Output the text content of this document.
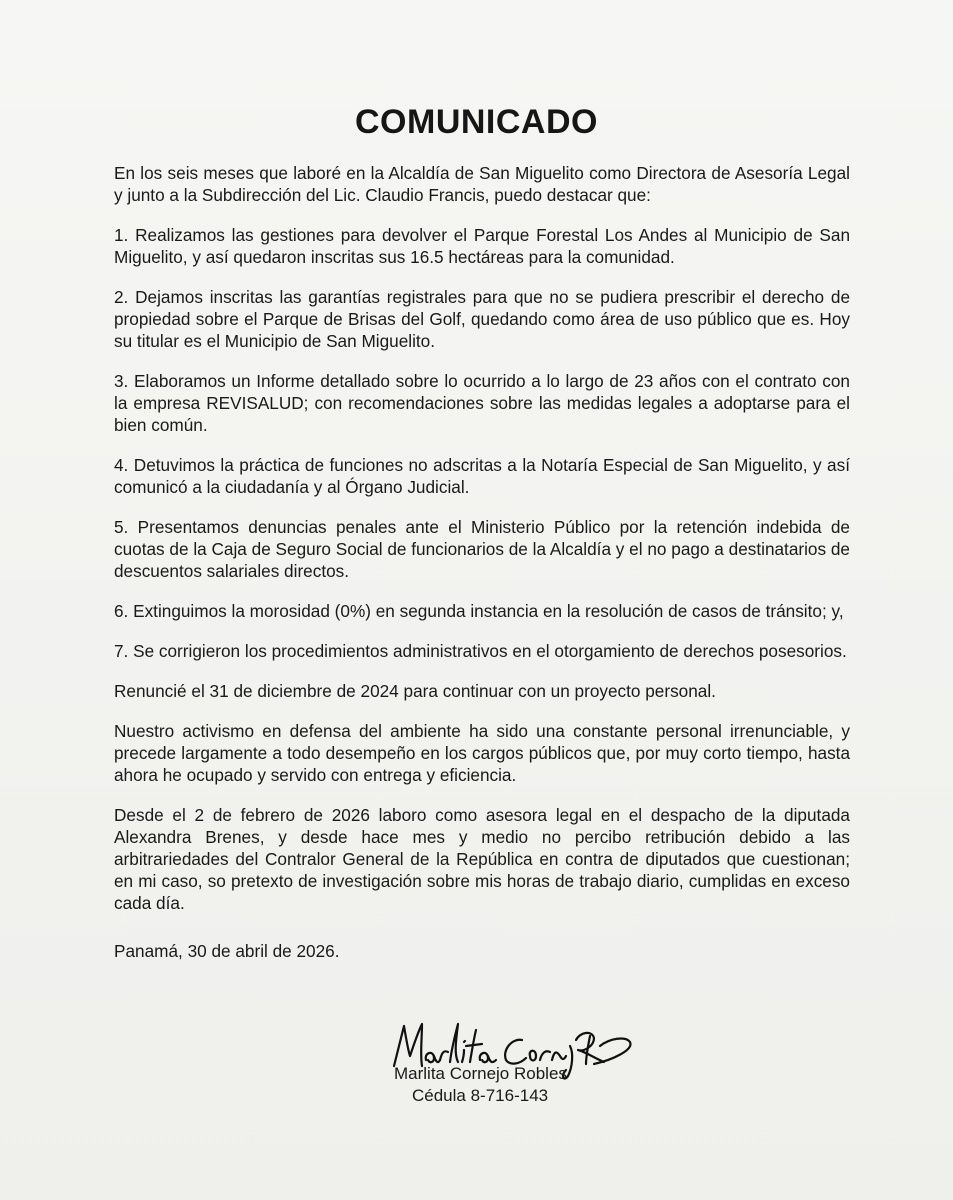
COMUNICADO

En los seis meses que laboré en la Alcaldía de San Miguelito como Directora de Asesoría Legal y junto a la Subdirección del Lic. Claudio Francis, puedo destacar que:

1. Realizamos las gestiones para devolver el Parque Forestal Los Andes al Municipio de San Miguelito, y así quedaron inscritas sus 16.5 hectáreas para la comunidad.

2. Dejamos inscritas las garantías registrales para que no se pudiera prescribir el derecho de propiedad sobre el Parque de Brisas del Golf, quedando como área de uso público que es. Hoy su titular es el Municipio de San Miguelito.

3. Elaboramos un Informe detallado sobre lo ocurrido a lo largo de 23 años con el contrato con la empresa REVISALUD; con recomendaciones sobre las medidas legales a adoptarse para el bien común.

4. Detuvimos la práctica de funciones no adscritas a la Notaría Especial de San Miguelito, y así comunicó a la ciudadanía y al Órgano Judicial.

5. Presentamos denuncias penales ante el Ministerio Público por la retención indebida de cuotas de la Caja de Seguro Social de funcionarios de la Alcaldía y el no pago a destinatarios de descuentos salariales directos.

6. Extinguimos la morosidad (0%) en segunda instancia en la resolución de casos de tránsito; y,

7. Se corrigieron los procedimientos administrativos en el otorgamiento de derechos posesorios.

Renuncié el 31 de diciembre de 2024 para continuar con un proyecto personal.

Nuestro activismo en defensa del ambiente ha sido una constante personal irrenunciable, y precede largamente a todo desempeño en los cargos públicos que, por muy corto tiempo, hasta ahora he ocupado y servido con entrega y eficiencia.

Desde el 2 de febrero de 2026 laboro como asesora legal en el despacho de la diputada Alexandra Brenes, y desde hace mes y medio no percibo retribución debido a las arbitrariedades del Contralor General de la República en contra de diputados que cuestionan; en mi caso, so pretexto de investigación sobre mis horas de trabajo diario, cumplidas en exceso cada día.

Panamá, 30 de abril de 2026.

Marlita Cornejo Robles
Cédula 8-716-143
